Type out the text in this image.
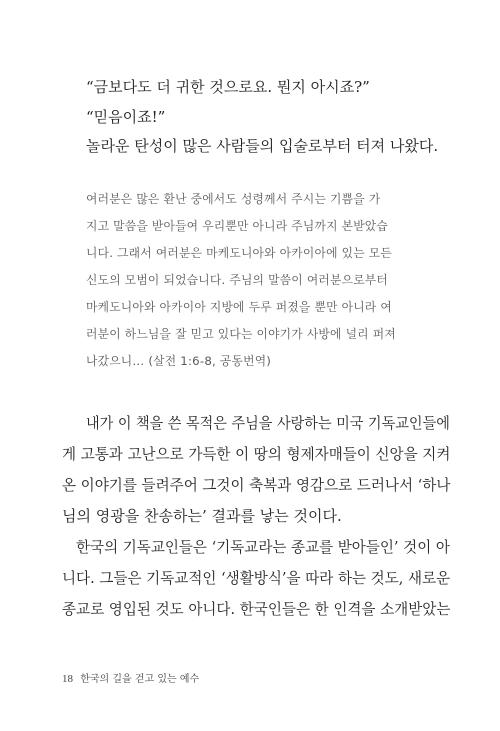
“금보다도 더 귀한 것으로요. 뭔지 아시죠?”
“믿음이죠!”
놀라운 탄성이 많은 사람들의 입술로부터 터져 나왔다.
여러분은 많은 환난 중에서도 성령께서 주시는 기쁨을 가
지고 말씀을 받아들여 우리뿐만 아니라 주님까지 본받았습
니다. 그래서 여러분은 마케도니아와 아카이아에 있는 모든
신도의 모범이 되었습니다. 주님의 말씀이 여러분으로부터
마케도니아와 아카이아 지방에 두루 퍼졌을 뿐만 아니라 여
러분이 하느님을 잘 믿고 있다는 이야기가 사방에 널리 퍼져
나갔으니… (살전 1:6-8, 공동번역)
내가 이 책을 쓴 목적은 주님을 사랑하는 미국 기독교인들에
게 고통과 고난으로 가득한 이 땅의 형제자매들이 신앙을 지켜
온 이야기를 들려주어 그것이 축복과 영감으로 드러나서 ‘하나
님의 영광을 찬송하는’ 결과를 낳는 것이다.
한국의 기독교인들은 ‘기독교라는 종교를 받아들인’ 것이 아
니다. 그들은 기독교적인 ‘생활방식’을 따라 하는 것도, 새로운
종교로 영입된 것도 아니다. 한국인들은 한 인격을 소개받았는
18 한국의 길을 걷고 있는 예수
